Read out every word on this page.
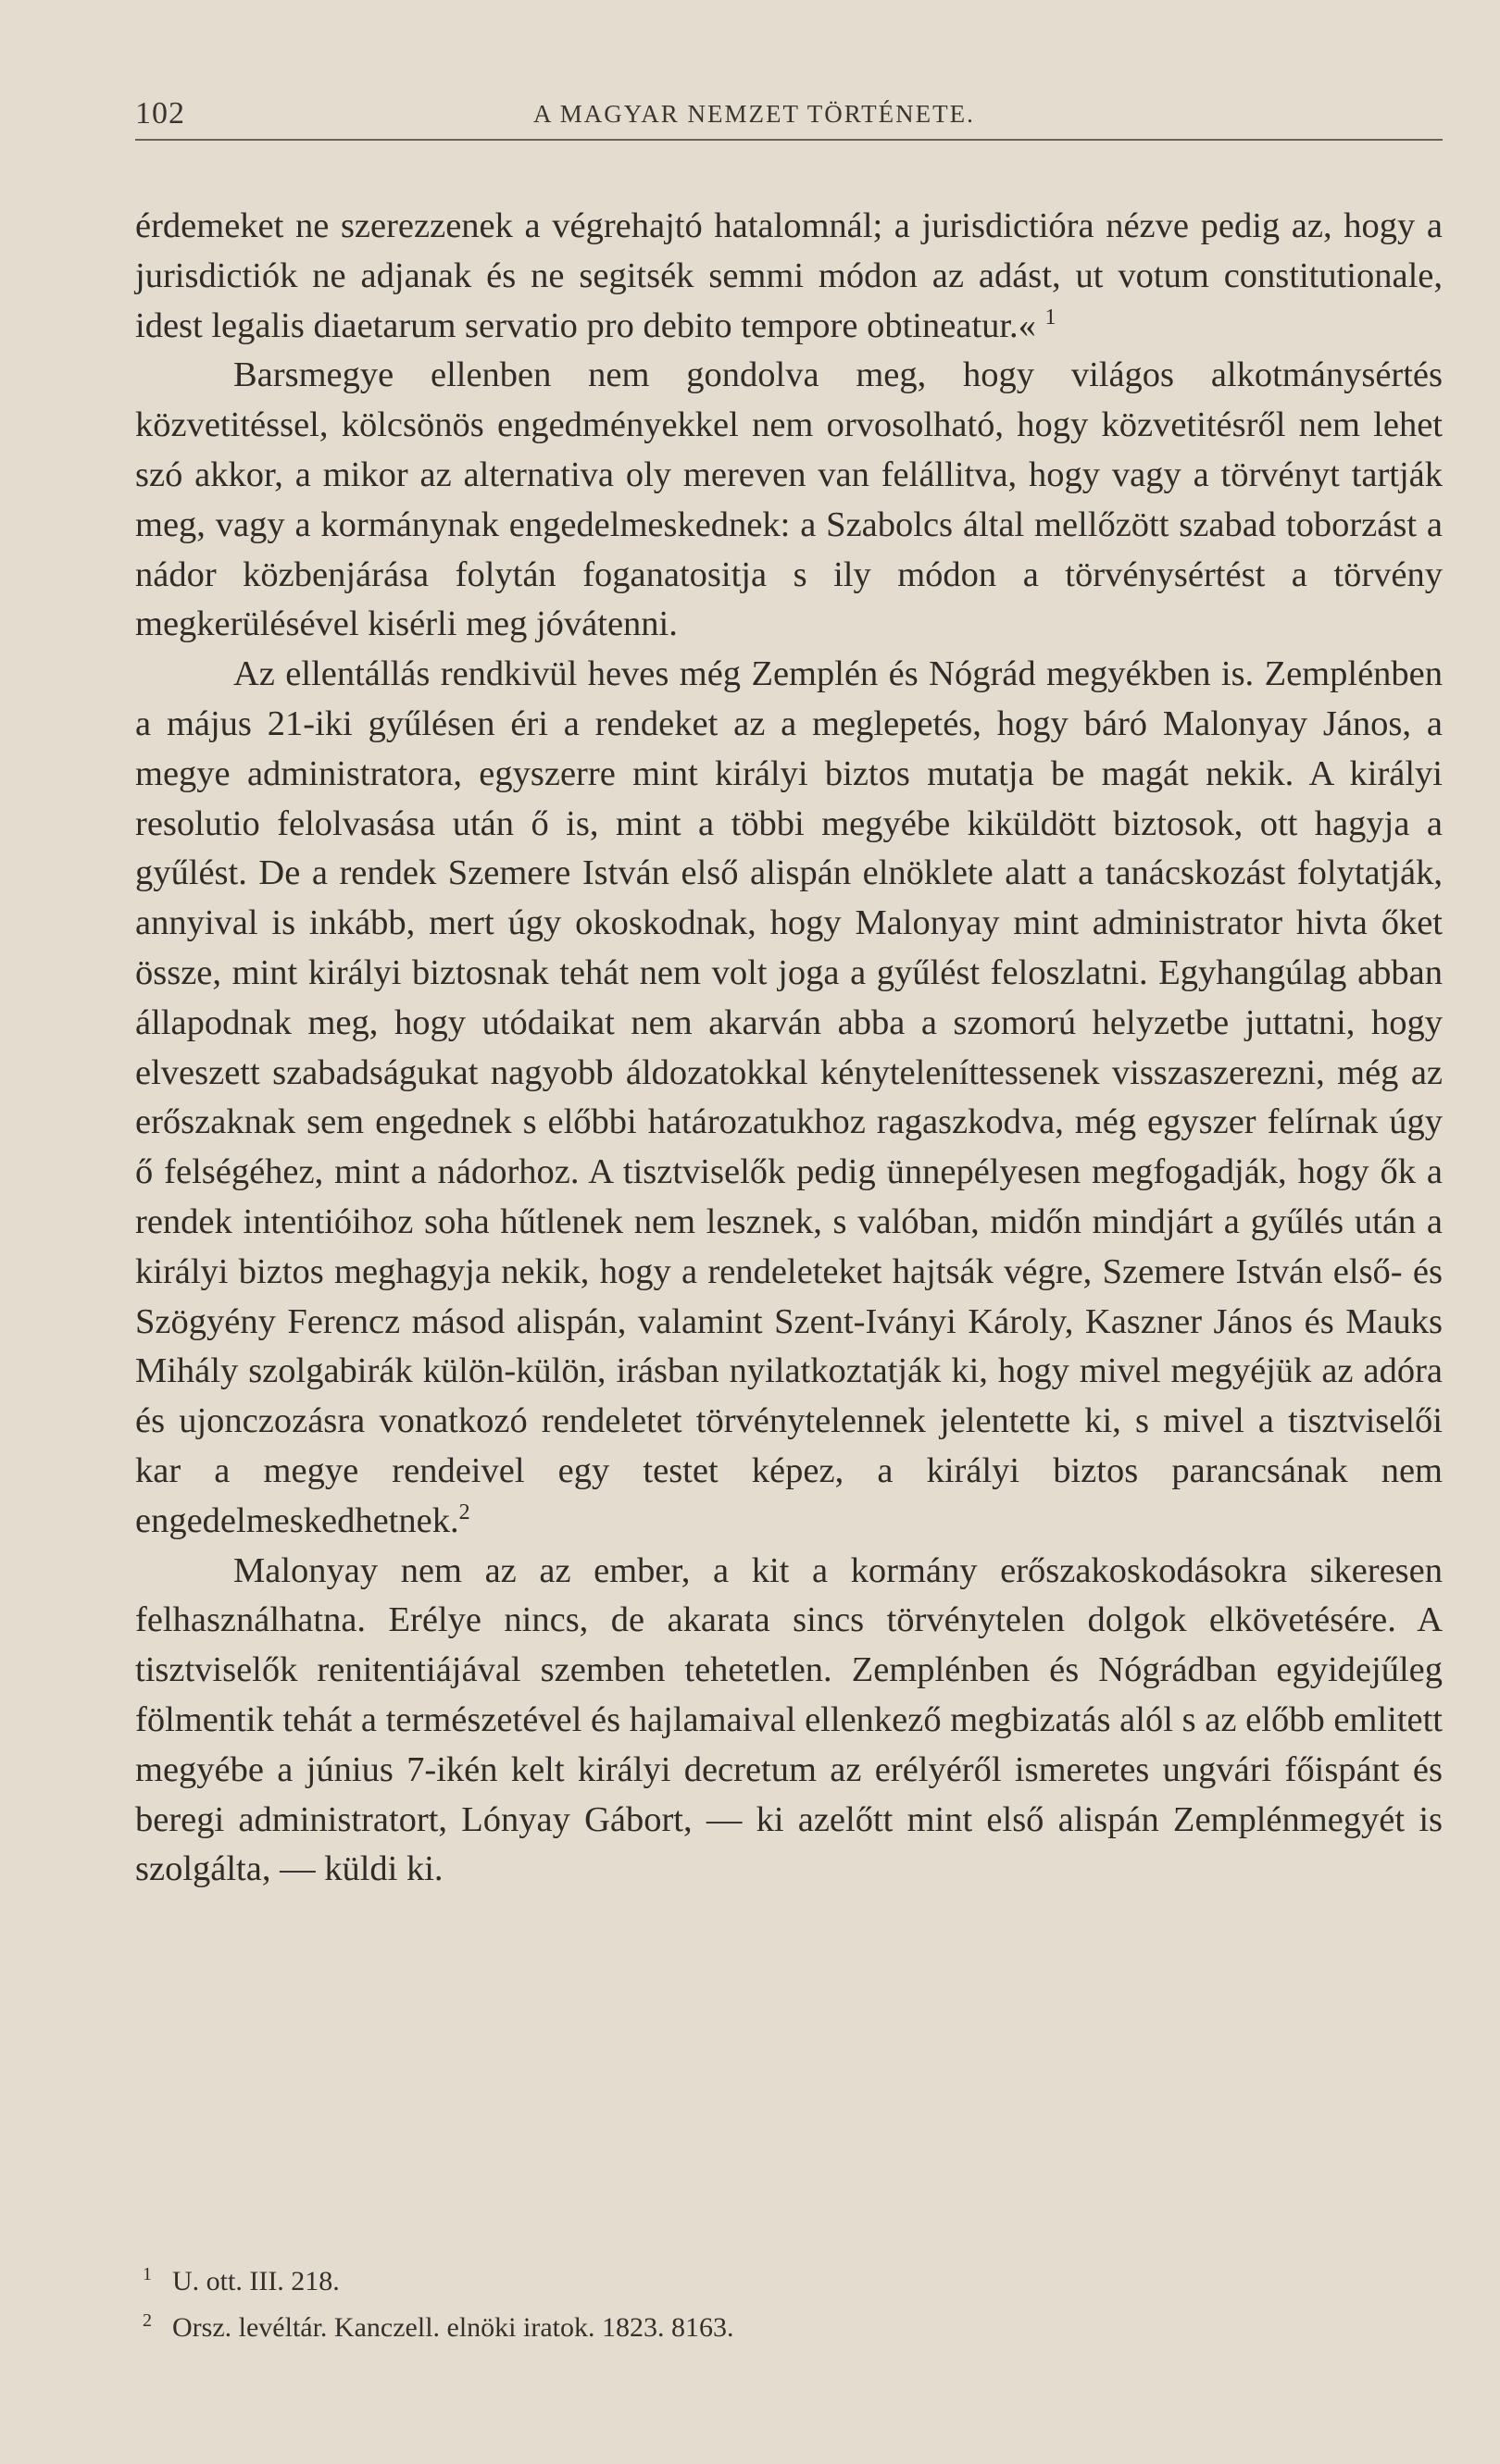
102	A MAGYAR NEMZET TÖRTÉNETE.

érdemeket ne szerezzenek a végrehajtó hatalomnál; a jurisdictióra nézve pedig az, hogy a jurisdictiók ne adjanak és ne segitsék semmi módon az adást, ut votum constitutionale, idest legalis diaetarum servatio pro debito tempore obtineatur.« $^1$

Barsmegye ellenben nem gondolva meg, hogy világos alkotmánysértés közvetitéssel, kölcsönös engedményekkel nem orvosolható, hogy közvetitésről nem lehet szó akkor, a mikor az alternativa oly mereven van felállitva, hogy vagy a törvényt tartják meg, vagy a kormánynak engedelmeskednek: a Szabolcs által mellőzött szabad toborzást a nádor közbenjárása folytán foganatositja s ily módon a törvénysértést a törvény megkerülésével kisérli meg jóvátenni.

Az ellentállás rendkivül heves még Zemplén és Nógrád megyékben is. Zemplénben a május 21-iki gyűlésen éri a rendeket az a meglepetés, hogy báró Malonyay János, a megye administratora, egyszerre mint királyi biztos mutatja be magát nekik. A királyi resolutio felolvasása után ő is, mint a többi megyébe kiküldött biztosok, ott hagyja a gyűlést. De a rendek Szemere István első alispán elnöklete alatt a tanácskozást folytatják, annyival is inkább, mert úgy okoskodnak, hogy Malonyay mint administrator hivta őket össze, mint királyi biztosnak tehát nem volt joga a gyűlést feloszlatni. Egyhangúlag abban állapodnak meg, hogy utódaikat nem akarván abba a szomorú helyzetbe juttatni, hogy elveszett szabadságukat nagyobb áldozatokkal kényteleníttessenek visszaszerezni, még az erőszaknak sem engednek s előbbi határozatukhoz ragaszkodva, még egyszer felírnak úgy ő felségéhez, mint a nádorhoz. A tisztviselők pedig ünnepélyesen megfogadják, hogy ők a rendek intentióihoz soha hűtlenek nem lesznek, s valóban, midőn mindjárt a gyűlés után a királyi biztos meghagyja nekik, hogy a rendeleteket hajtsák végre, Szemere István első- és Szögyény Ferencz másod alispán, valamint Szent-Iványi Károly, Kaszner János és Mauks Mihály szolgabirák külön-külön, irásban nyilatkoztatják ki, hogy mivel megyéjük az adóra és ujonczozásra vonatkozó rendeletet törvénytelennek jelentette ki, s mivel a tisztviselői kar a megye rendeivel egy testet képez, a királyi biztos parancsának nem engedelmeskedhetnek.$^2$

Malonyay nem az az ember, a kit a kormány erőszakoskodásokra sikeresen felhasználhatna. Erélye nincs, de akarata sincs törvénytelen dolgok elkövetésére. A tisztviselők renitentiájával szemben tehetetlen. Zemplénben és Nógrádban egyidejűleg fölmentik tehát a természetével és hajlamaival ellenkező megbizatás alól s az előbb emlitett megyébe a június 7-ikén kelt királyi decretum az erélyéről ismeretes ungvári főispánt és beregi administratort, Lónyay Gábort, — ki azelőtt mint első alispán Zemplénmegyét is szolgálta, — küldi ki.

1 U. ott. III. 218.
2 Orsz. levéltár. Kanczell. elnöki iratok. 1823. 8163.
